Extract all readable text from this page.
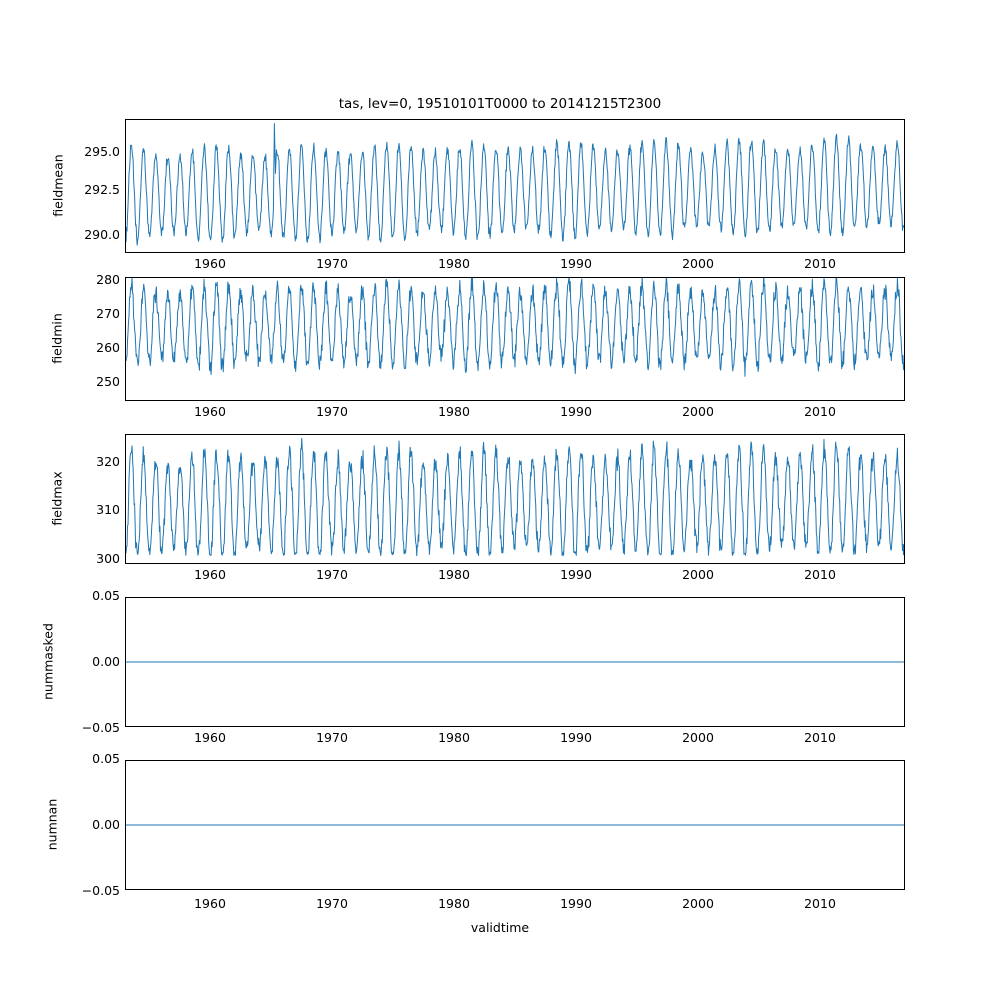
tas, lev=0, 19510101T0000 to 20141215T2300
fieldmean
295.0
292.5
290.0
1960	1970	1980	1990	2000	2010
fieldmin
280
270
260
250
1960	1970	1980	1990	2000	2010
fieldmax
320
310
300
1960	1970	1980	1990	2000	2010
nummasked
0.05
0.00
−0.05
1960	1970	1980	1990	2000	2010
numnan
0.05
0.00
−0.05
1960	1970	1980	1990	2000	2010
validtime
